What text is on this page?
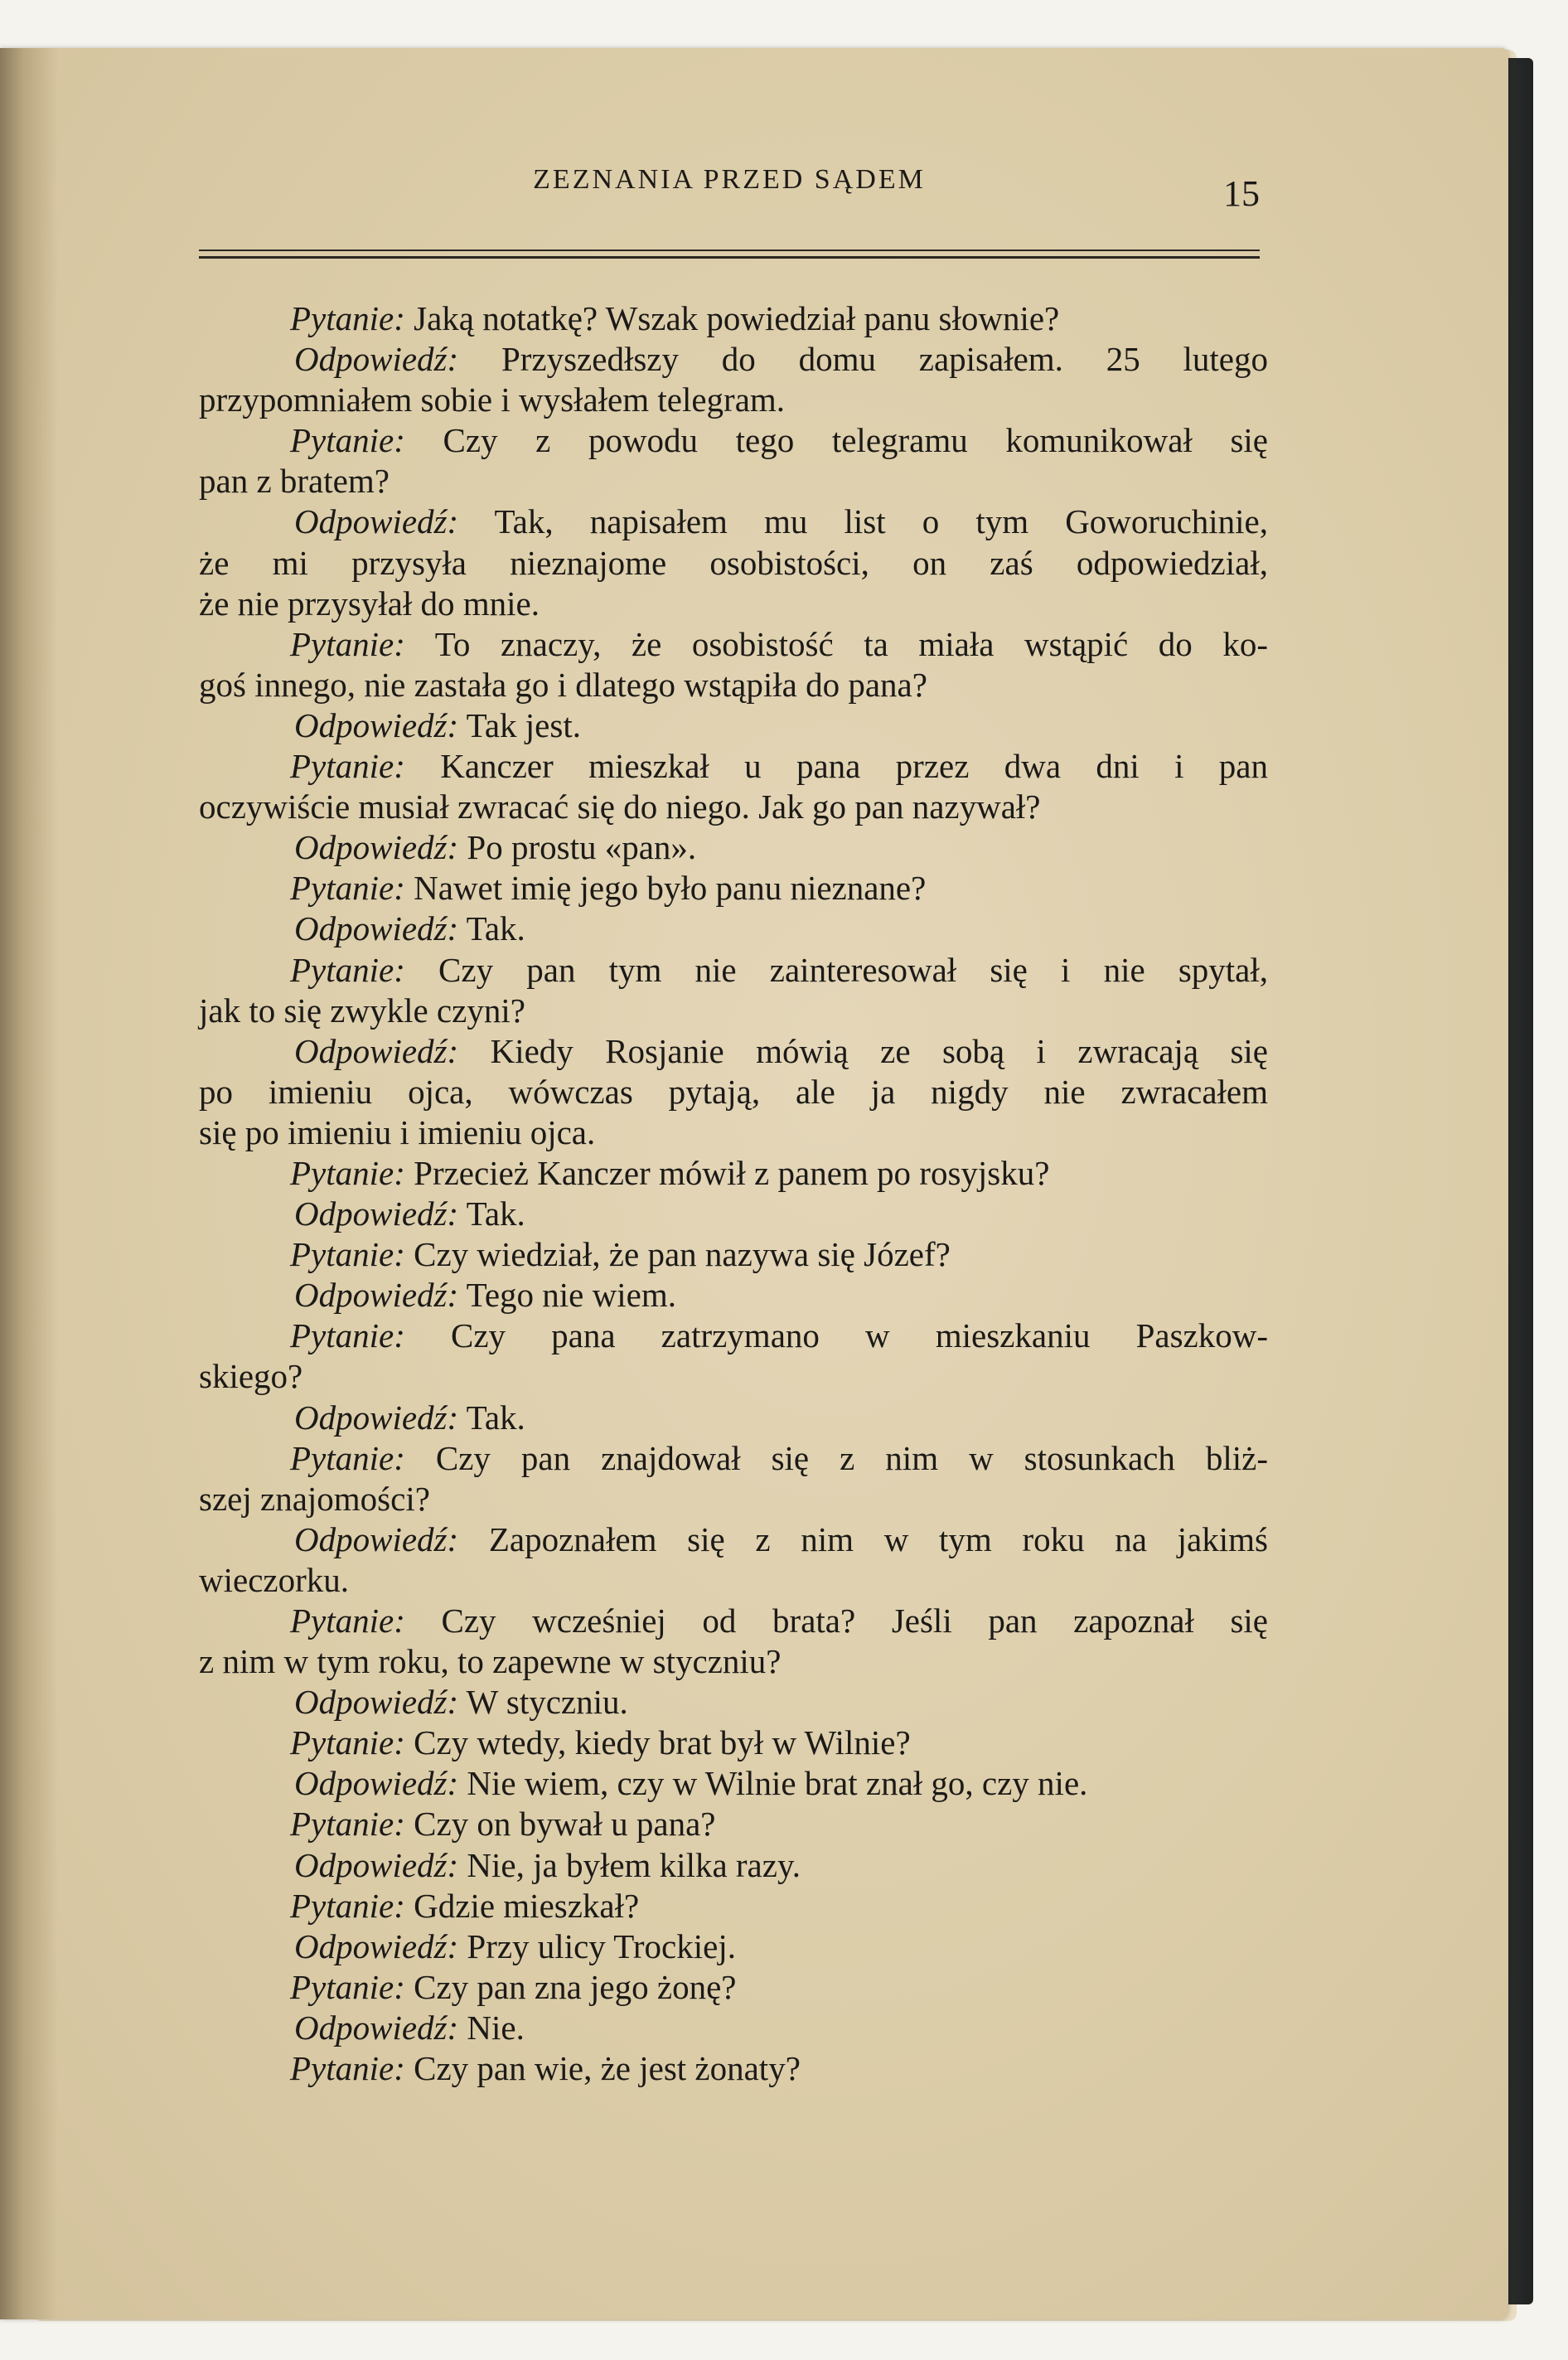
ZEZNANIA PRZED SĄDEM	15
Pytanie: Jaką notatkę? Wszak powiedział panu słownie?
Odpowiedź: Przyszedłszy do domu zapisałem. 25 lutego
przypomniałem sobie i wysłałem telegram.
Pytanie: Czy z powodu tego telegramu komunikował się
pan z bratem?
Odpowiedź: Tak, napisałem mu list o tym Goworuchinie,
że mi przysyła nieznajome osobistości, on zaś odpowiedział,
że nie przysyłał do mnie.
Pytanie: To znaczy, że osobistość ta miała wstąpić do ko-
goś innego, nie zastała go i dlatego wstąpiła do pana?
Odpowiedź: Tak jest.
Pytanie: Kanczer mieszkał u pana przez dwa dni i pan
oczywiście musiał zwracać się do niego. Jak go pan nazywał?
Odpowiedź: Po prostu «pan».
Pytanie: Nawet imię jego było panu nieznane?
Odpowiedź: Tak.
Pytanie: Czy pan tym nie zainteresował się i nie spytał,
jak to się zwykle czyni?
Odpowiedź: Kiedy Rosjanie mówią ze sobą i zwracają się
po imieniu ojca, wówczas pytają, ale ja nigdy nie zwracałem
się po imieniu i imieniu ojca.
Pytanie: Przecież Kanczer mówił z panem po rosyjsku?
Odpowiedź: Tak.
Pytanie: Czy wiedział, że pan nazywa się Józef?
Odpowiedź: Tego nie wiem.
Pytanie: Czy pana zatrzymano w mieszkaniu Paszkow-
skiego?
Odpowiedź: Tak.
Pytanie: Czy pan znajdował się z nim w stosunkach bliż-
szej znajomości?
Odpowiedź: Zapoznałem się z nim w tym roku na jakimś
wieczorku.
Pytanie: Czy wcześniej od brata? Jeśli pan zapoznał się
z nim w tym roku, to zapewne w styczniu?
Odpowiedź: W styczniu.
Pytanie: Czy wtedy, kiedy brat był w Wilnie?
Odpowiedź: Nie wiem, czy w Wilnie brat znał go, czy nie.
Pytanie: Czy on bywał u pana?
Odpowiedź: Nie, ja byłem kilka razy.
Pytanie: Gdzie mieszkał?
Odpowiedź: Przy ulicy Trockiej.
Pytanie: Czy pan zna jego żonę?
Odpowiedź: Nie.
Pytanie: Czy pan wie, że jest żonaty?
